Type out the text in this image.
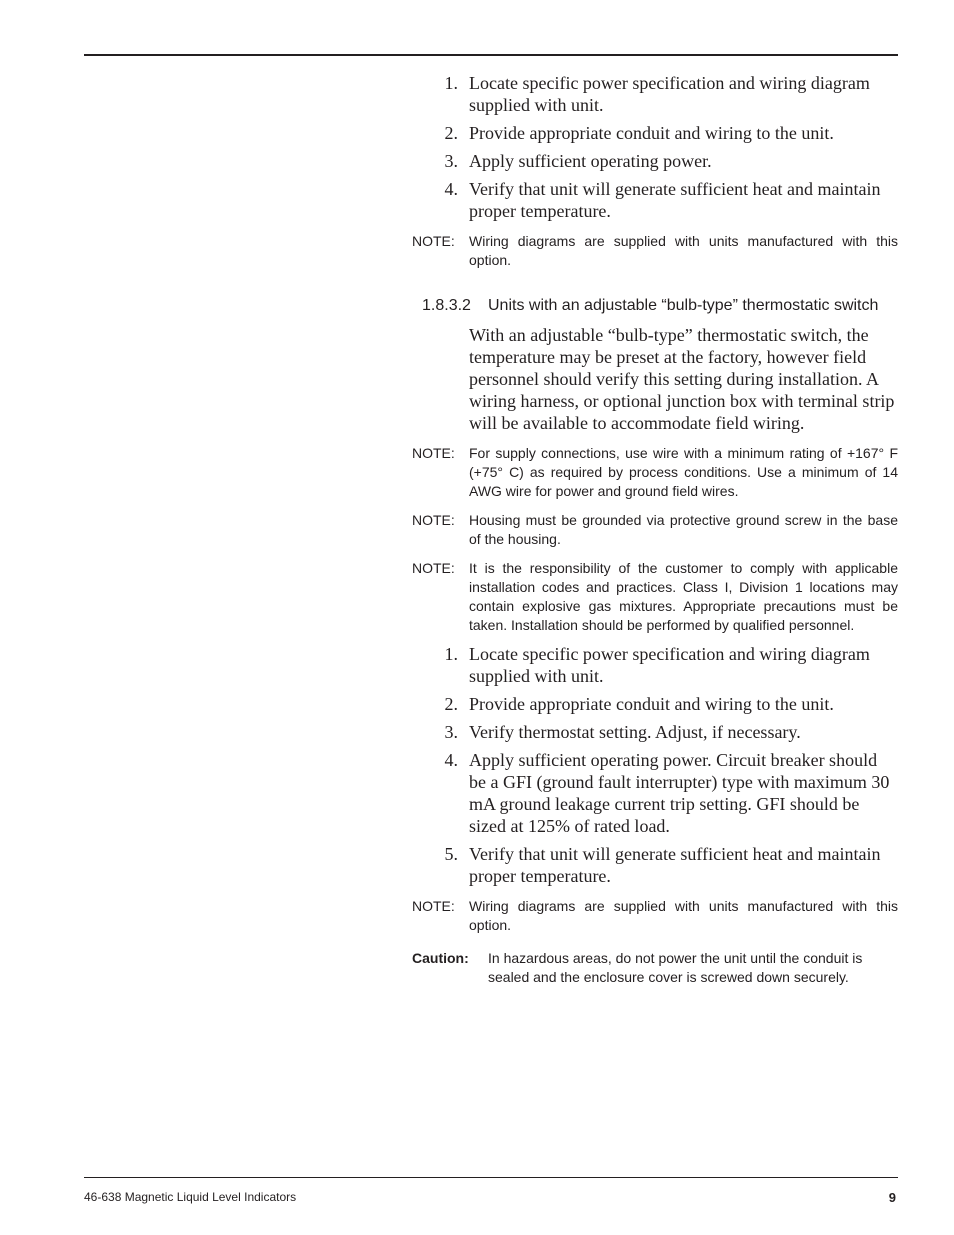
1. Locate specific power specification and wiring diagram supplied with unit.
2. Provide appropriate conduit and wiring to the unit.
3. Apply sufficient operating power.
4. Verify that unit will generate sufficient heat and maintain proper temperature.
NOTE:	Wiring diagrams are supplied with units manufactured with this option.
1.8.3.2	Units with an adjustable “bulb-type” thermostatic switch
With an adjustable “bulb-type” thermostatic switch, the temperature may be preset at the factory, however field personnel should verify this setting during installation. A wiring harness, or optional junction box with terminal strip will be available to accommodate field wiring.
NOTE:	For supply connections, use wire with a minimum rating of +167° F (+75° C) as required by process conditions. Use a minimum of 14 AWG wire for power and ground field wires.
NOTE:	Housing must be grounded via protective ground screw in the base of the housing.
NOTE:	It is the responsibility of the customer to comply with applicable installation codes and practices. Class I, Division 1 locations may contain explosive gas mixtures. Appropriate precautions must be taken. Installation should be performed by qualified personnel.
1. Locate specific power specification and wiring diagram supplied with unit.
2. Provide appropriate conduit and wiring to the unit.
3. Verify thermostat setting. Adjust, if necessary.
4. Apply sufficient operating power. Circuit breaker should be a GFI (ground fault interrupter) type with maximum 30 mA ground leakage current trip setting. GFI should be sized at 125% of rated load.
5. Verify that unit will generate sufficient heat and maintain proper temperature.
NOTE:	Wiring diagrams are supplied with units manufactured with this option.
Caution:	In hazardous areas, do not power the unit until the conduit is sealed and the enclosure cover is screwed down securely.
46-638 Magnetic Liquid Level Indicators	9
